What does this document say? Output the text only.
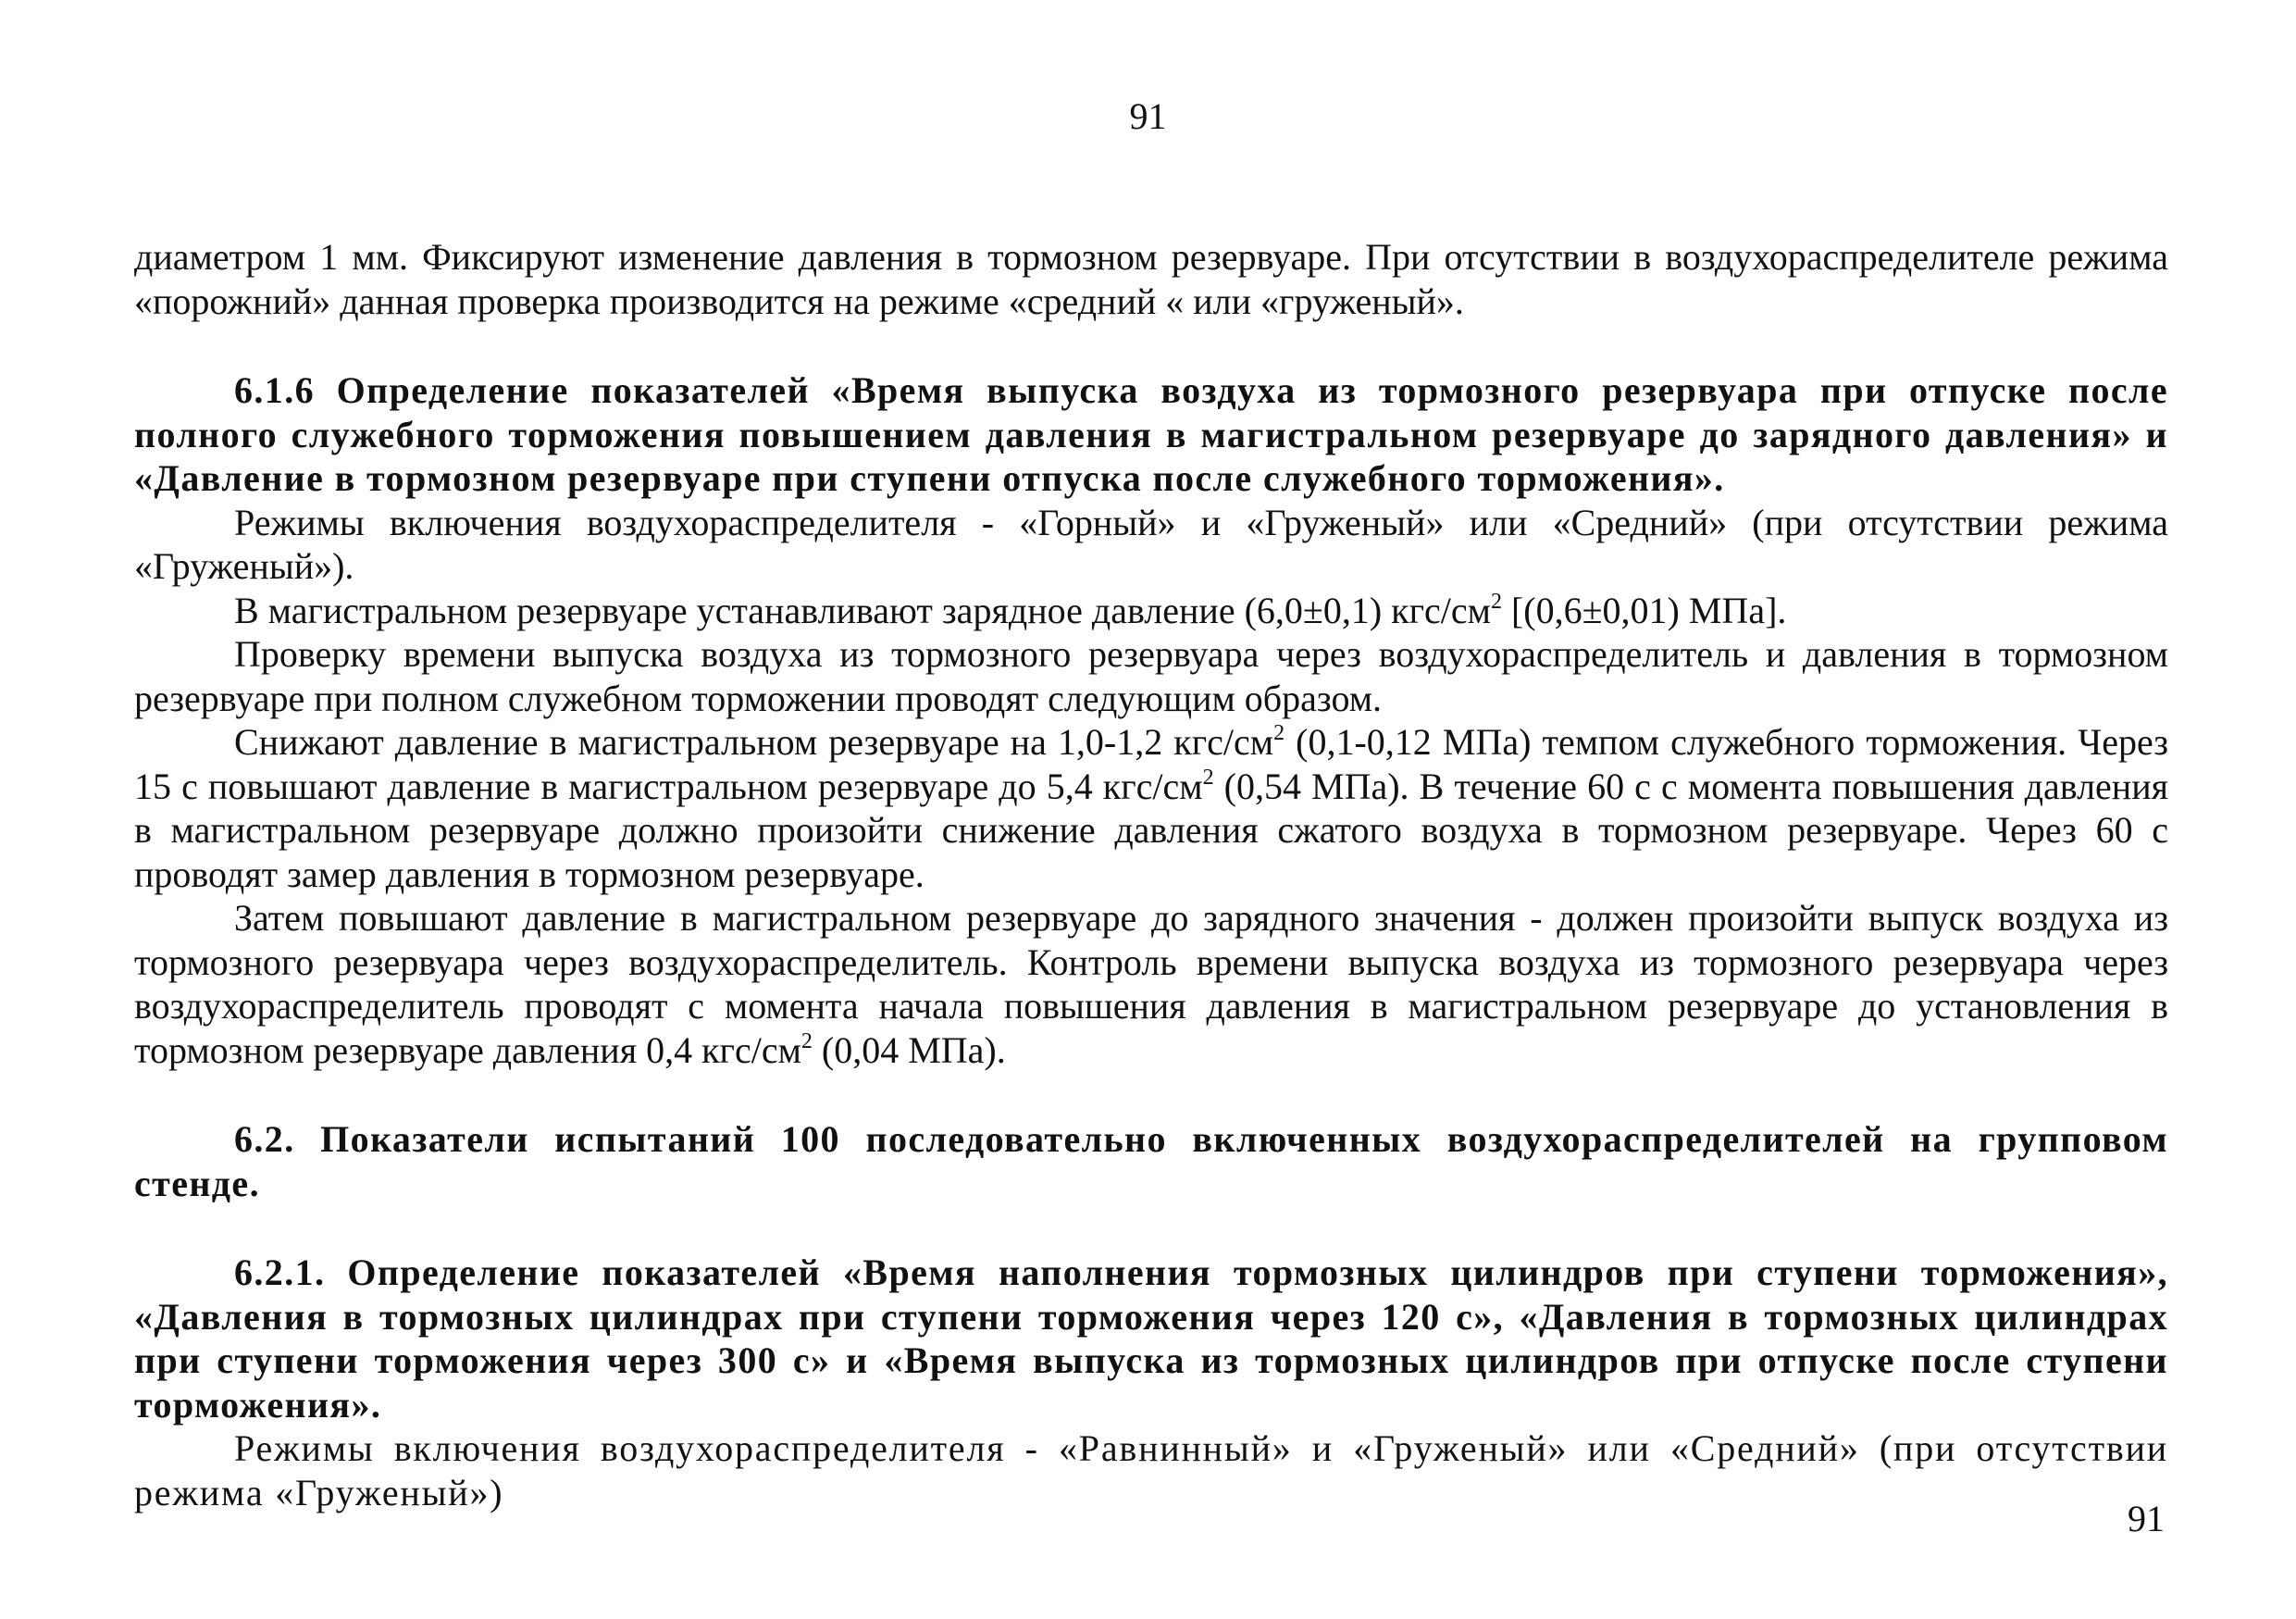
91

диаметром 1 мм. Фиксируют изменение давления в тормозном резервуаре. При отсутствии в воздухораспределителе режима «порожний» данная проверка производится на режиме «средний « или «груженый».

6.1.6 Определение показателей «Время выпуска воздуха из тормозного резервуара при отпуске после полного служебного торможения повышением давления в магистральном резервуаре до зарядного давления» и «Давление в тормозном резервуаре при ступени отпуска после служебного торможения».

Режимы включения воздухораспределителя - «Горный» и «Груженый» или «Средний» (при отсутствии режима «Груженый»).

В магистральном резервуаре устанавливают зарядное давление (6,0±0,1) кгс/$см^2$ [(0,6±0,01) МПа].

Проверку времени выпуска воздуха из тормозного резервуара через воздухораспределитель и давления в тормозном резервуаре при полном служебном торможении проводят следующим образом.

Снижают давление в магистральном резервуаре на 1,0-1,2 кгс/$см^2$ (0,1-0,12 МПа) темпом служебного торможения. Через 15 с повышают давление в магистральном резервуаре до 5,4 кгс/$см^2$ (0,54 МПа). В течение 60 с с момента повышения давления в магистральном резервуаре должно произойти снижение давления сжатого воздуха в тормозном резервуаре. Через 60 с проводят замер давления в тормозном резервуаре.

Затем повышают давление в магистральном резервуаре до зарядного значения - должен произойти выпуск воздуха из тормозного резервуара через воздухораспределитель. Контроль времени выпуска воздуха из тормозного резервуара через воздухораспределитель проводят с момента начала повышения давления в магистральном резервуаре до установления в тормозном резервуаре давления 0,4 кгс/$см^2$ (0,04 МПа).

6.2. Показатели испытаний 100 последовательно включенных воздухораспределителей на групповом стенде.

6.2.1. Определение показателей «Время наполнения тормозных цилиндров при ступени торможения», «Давления в тормозных цилиндрах при ступени торможения через 120 с», «Давления в тормозных цилиндрах при ступени торможения через 300 с» и «Время выпуска из тормозных цилиндров при отпуске после ступени торможения».

Режимы включения воздухораспределителя - «Равнинный» и «Груженый» или «Средний» (при отсутствии режима «Груженый»)

91
